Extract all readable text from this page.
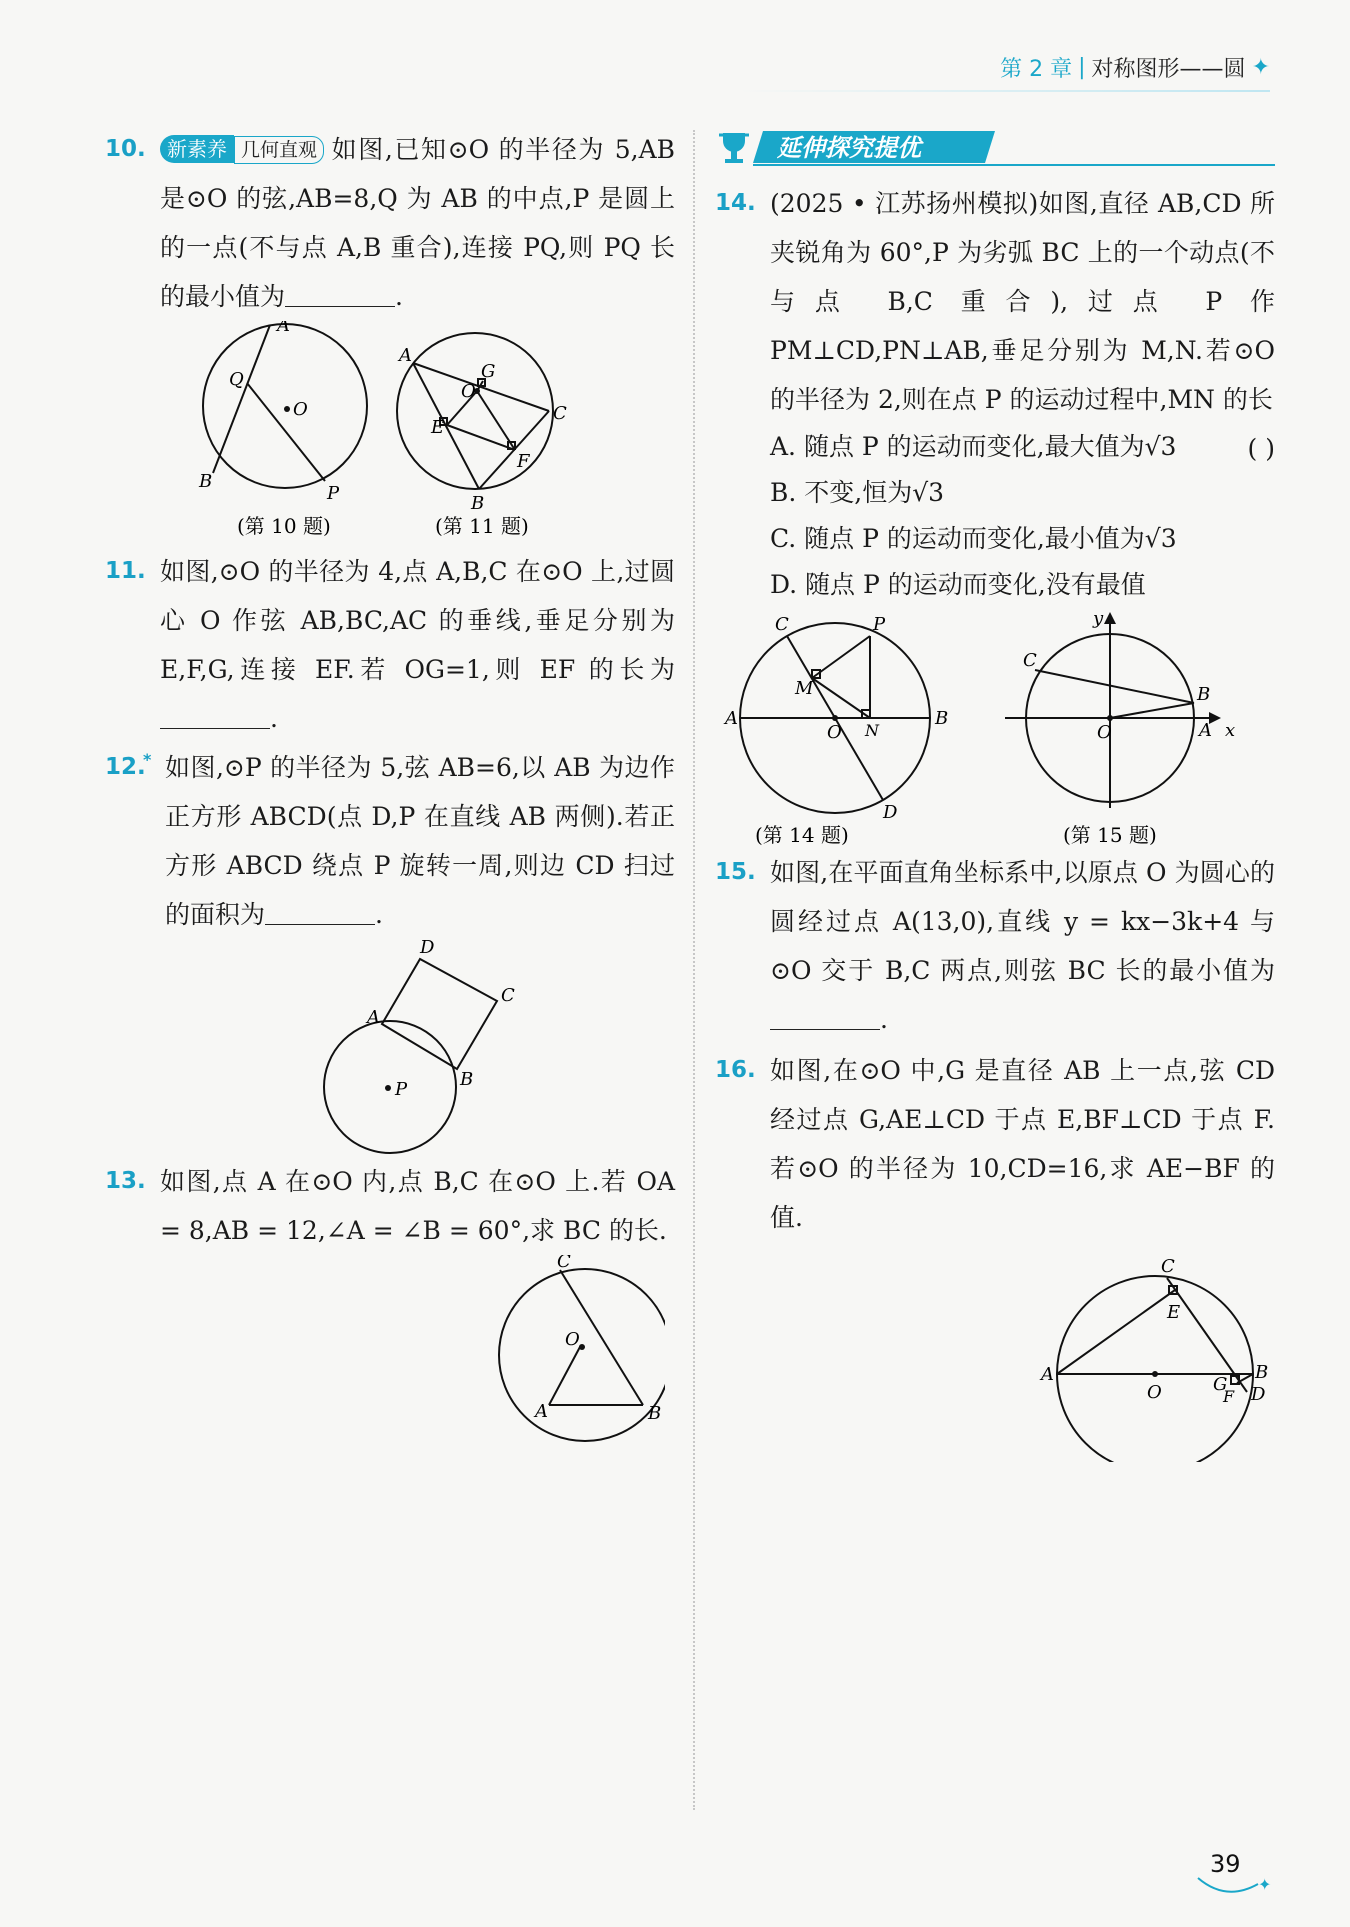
第 2 章 | 对称图形——圆 ✦
10.	新素养 几何直观 如图,已知⊙O 的半径为 5,AB 是⊙O 的弦,AB=8,Q 为 AB 的中点,P 是圆上的一点(不与点 A,B 重合),连接 PQ,则 PQ 长的最小值为	.
A
Q
O
B
P
A
G
O
C
E
F
B
(第 10 题)	(第 11 题)
11. 如图,⊙O 的半径为 4,点 A,B,C 在⊙O 上,过圆心 O 作弦 AB,BC,AC 的垂线,垂足分别为 E,F,G,连接 EF.若 OG=1,则 EF 的长为.
12.
* 如图,⊙P 的半径为 5,弦 AB=6,以 AB 为边作正方形 ABCD(点 D,P 在直线 AB 两侧).若正方形 ABCD 绕点 P 旋转一周,则边 CD 扫过的面积为	.
D
C
A
B
P
13. 如图,点 A 在⊙O 内,点 B,C 在⊙O 上.若 OA = 8,AB = 12,∠A = ∠B = 60°,求 BC 的长.
C
O
A	B
延伸探究提优
14. (2025 • 江苏扬州模拟)如图,直径 AB,CD 所夹锐角为 60°,P 为劣弧 BC 上的一个动点(不与点 B,C 重合),过点 P 作 PM⊥CD,PN⊥AB,垂足分别为 M,N.若⊙O 的半径为 2,则在点 P 的运动过程中,MN 的长
( )
A. 随点 P 的运动而变化,最大值为√3
B. 不变,恒为√3
C. 随点 P 的运动而变化,最小值为√3
D. 随点 P 的运动而变化,没有最值
C	P
M
A
O N
B
D
y
C
B
O	A x
(第 14 题)	(第 15 题)
15. 如图,在平面直角坐标系中,以原点 O 为圆心的圆经过点 A(13,0),直线 y = kx−3k+4 与⊙O 交于 B,C 两点,则弦 BC 长的最小值为.
16. 如图,在⊙O 中,G 是直径 AB 上一点,弦 CD 经过点 G,AE⊥CD 于点 E,BF⊥CD 于点 F.若⊙O 的半径为 10,CD=16,求 AE−BF 的值.
C
E
A
O	G
F
B
D
39
✦
